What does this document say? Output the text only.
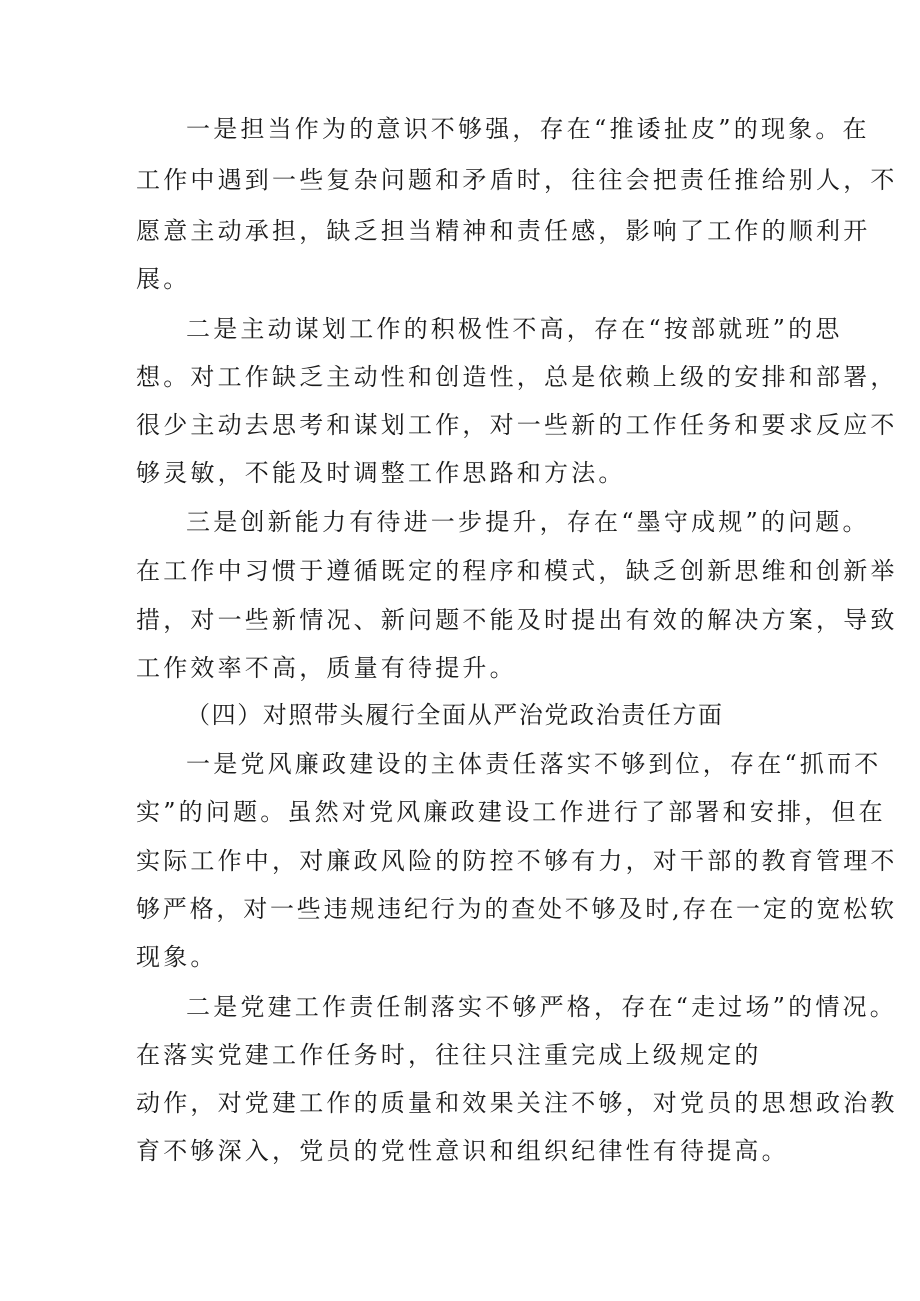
一是担当作为的意识不够强，存在“推诿扯皮”的现象。在
工作中遇到一些复杂问题和矛盾时，往往会把责任推给别人，不
愿意主动承担，缺乏担当精神和责任感，影响了工作的顺利开
展。
二是主动谋划工作的积极性不高，存在“按部就班”的思
想。对工作缺乏主动性和创造性，总是依赖上级的安排和部署，
很少主动去思考和谋划工作，对一些新的工作任务和要求反应不
够灵敏，不能及时调整工作思路和方法。
三是创新能力有待进一步提升，存在“墨守成规”的问题。
在工作中习惯于遵循既定的程序和模式，缺乏创新思维和创新举
措，对一些新情况、新问题不能及时提出有效的解决方案，导致
工作效率不高，质量有待提升。
（四）对照带头履行全面从严治党政治责任方面
一是党风廉政建设的主体责任落实不够到位，存在“抓而不
实”的问题。虽然对党风廉政建设工作进行了部署和安排，但在
实际工作中，对廉政风险的防控不够有力，对干部的教育管理不
够严格，对一些违规违纪行为的查处不够及时,存在一定的宽松软
现象。
二是党建工作责任制落实不够严格，存在“走过场”的情况。
在落实党建工作任务时，往往只注重完成上级规定的
动作，对党建工作的质量和效果关注不够，对党员的思想政治教
育不够深入，党员的党性意识和组织纪律性有待提高。
